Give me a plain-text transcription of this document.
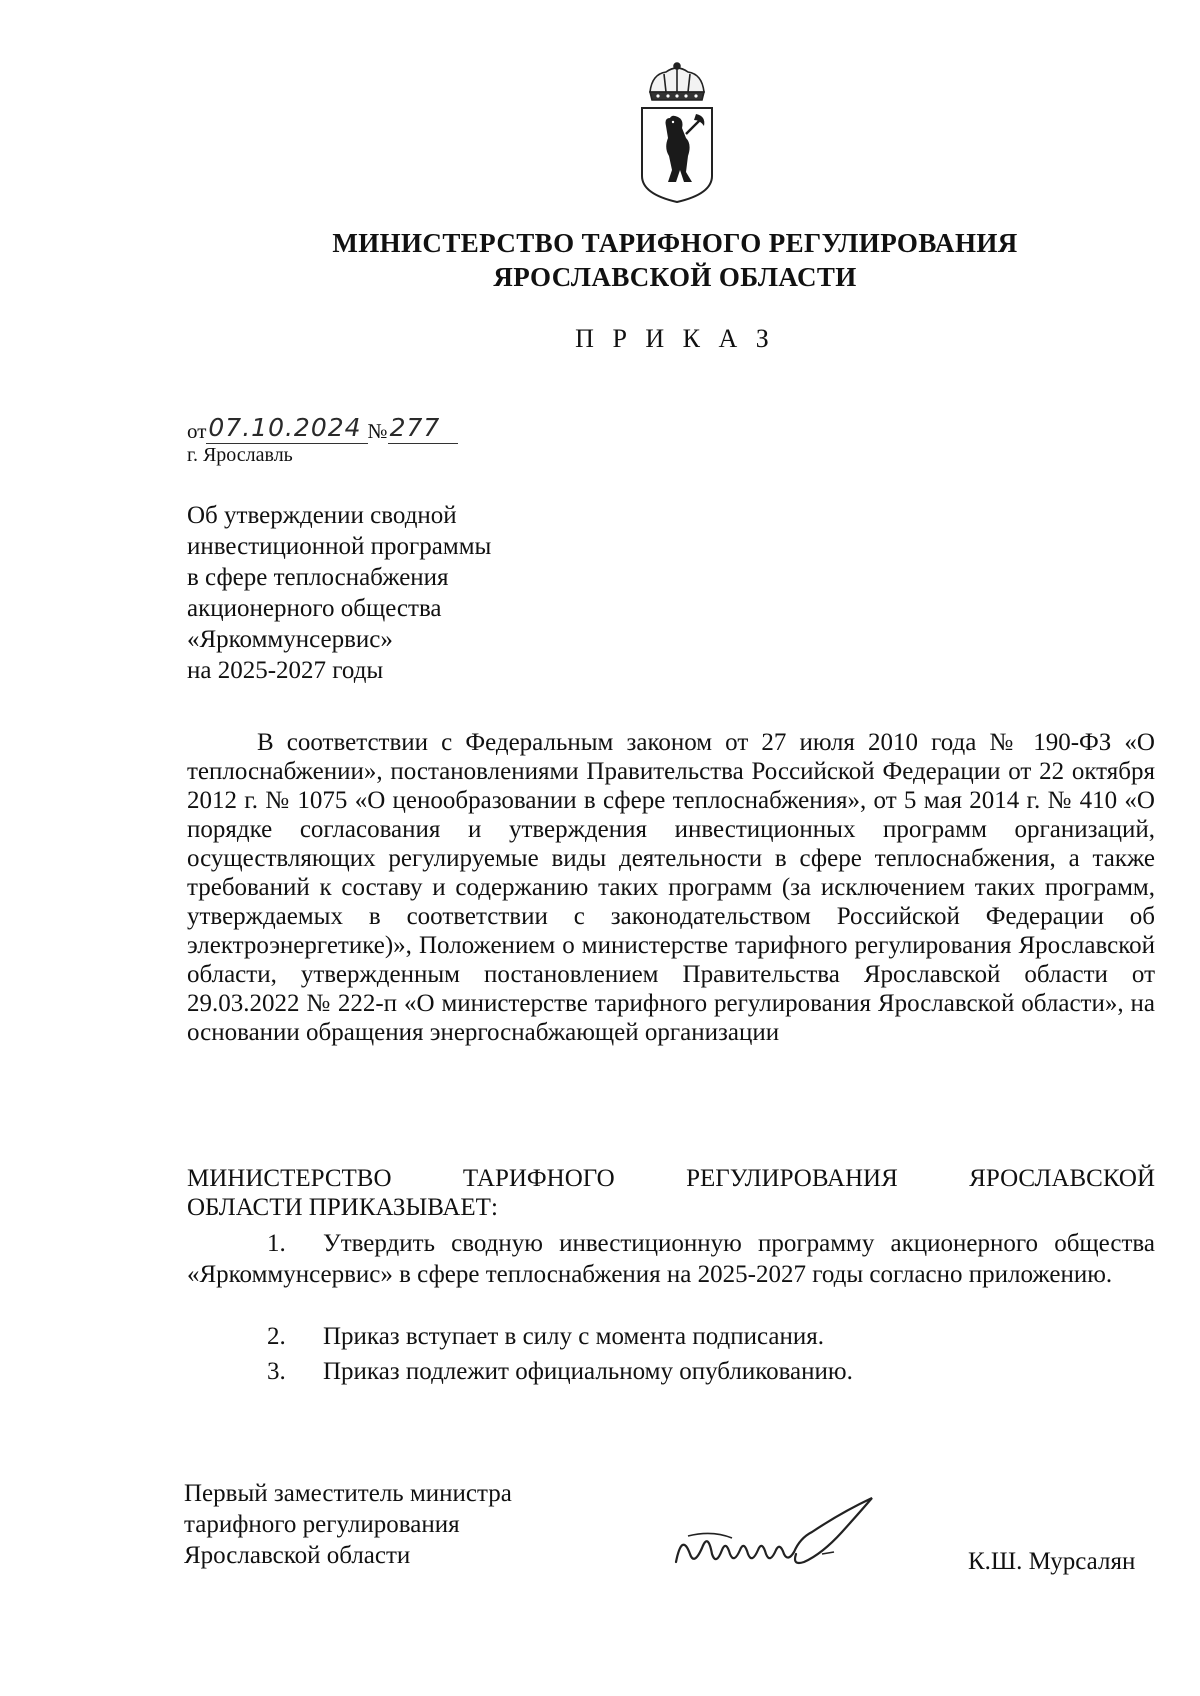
МИНИСТЕРСТВО ТАРИФНОГО РЕГУЛИРОВАНИЯ
ЯРОСЛАВСКОЙ ОБЛАСТИ
П Р И К А З
от 07.10.2024 № 277
г. Ярославль
Об утверждении сводной
инвестиционной программы
в сфере теплоснабжения
акционерного общества
«Яркоммунсервис»
на 2025-2027 годы
В соответствии с Федеральным законом от 27 июля 2010 года № 190-ФЗ «О теплоснабжении», постановлениями Правительства Российской Федерации от 22 октября 2012 г. № 1075 «О ценообразовании в сфере теплоснабжения», от 5 мая 2014 г. № 410 «О порядке согласования и утверждения инвестиционных программ организаций, осуществляющих регулируемые виды деятельности в сфере теплоснабжения, а также требований к составу и содержанию таких программ (за исключением таких программ, утверждаемых в соответствии с законодательством Российской Федерации об электроэнергетике)», Положением о министерстве тарифного регулирования Ярославской области, утвержденным постановлением Правительства Ярославской области от 29.03.2022 № 222-п «О министерстве тарифного регулирования Ярославской области», на основании обращения энергоснабжающей организации
МИНИСТЕРСТВО ТАРИФНОГО РЕГУЛИРОВАНИЯ ЯРОСЛАВСКОЙ
ОБЛАСТИ ПРИКАЗЫВАЕТ:
1. Утвердить сводную инвестиционную программу акционерного общества «Яркоммунсервис» в сфере теплоснабжения на 2025-2027 годы согласно приложению.
2. Приказ вступает в силу с момента подписания.
3. Приказ подлежит официальному опубликованию.
Первый заместитель министра
тарифного регулирования
Ярославской области	К.Ш. Мурсалян
